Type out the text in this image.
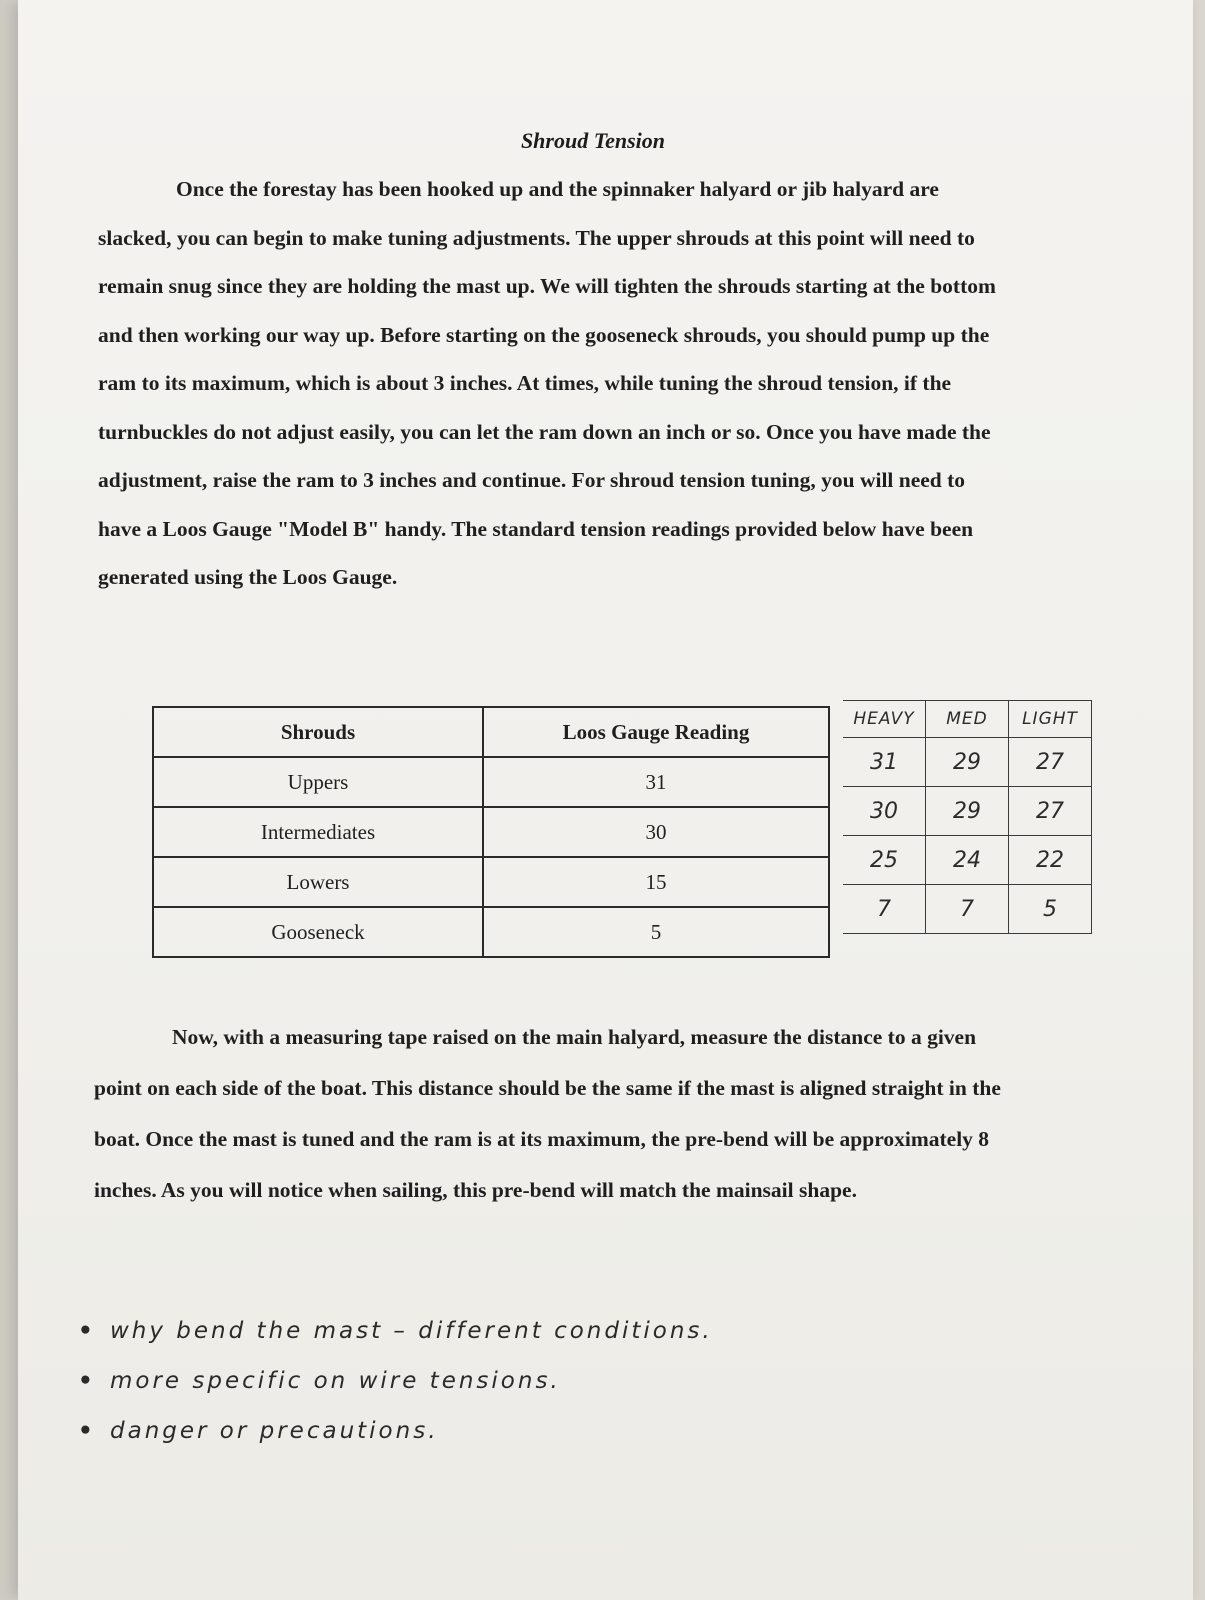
Shroud Tension

Once the forestay has been hooked up and the spinnaker halyard or jib halyard are slacked, you can begin to make tuning adjustments. The upper shrouds at this point will need to remain snug since they are holding the mast up. We will tighten the shrouds starting at the bottom and then working our way up. Before starting on the gooseneck shrouds, you should pump up the ram to its maximum, which is about 3 inches. At times, while tuning the shroud tension, if the turnbuckles do not adjust easily, you can let the ram down an inch or so. Once you have made the adjustment, raise the ram to 3 inches and continue. For shroud tension tuning, you will need to have a Loos Gauge "Model B" handy. The standard tension readings provided below have been generated using the Loos Gauge.

Shrouds	Loos Gauge Reading
Uppers	31
Intermediates	30
Lowers	15
Gooseneck	5
HEAVY	MED	LIGHT
31	29	27
30	29	27
25	24	22
7	7	5

Now, with a measuring tape raised on the main halyard, measure the distance to a given point on each side of the boat. This distance should be the same if the mast is aligned straight in the boat. Once the mast is tuned and the ram is at its maximum, the pre-bend will be approximately 8 inches. As you will notice when sailing, this pre-bend will match the mainsail shape.

• why bend the mast – different conditions.
• more specific on wire tensions.
• danger or precautions.
